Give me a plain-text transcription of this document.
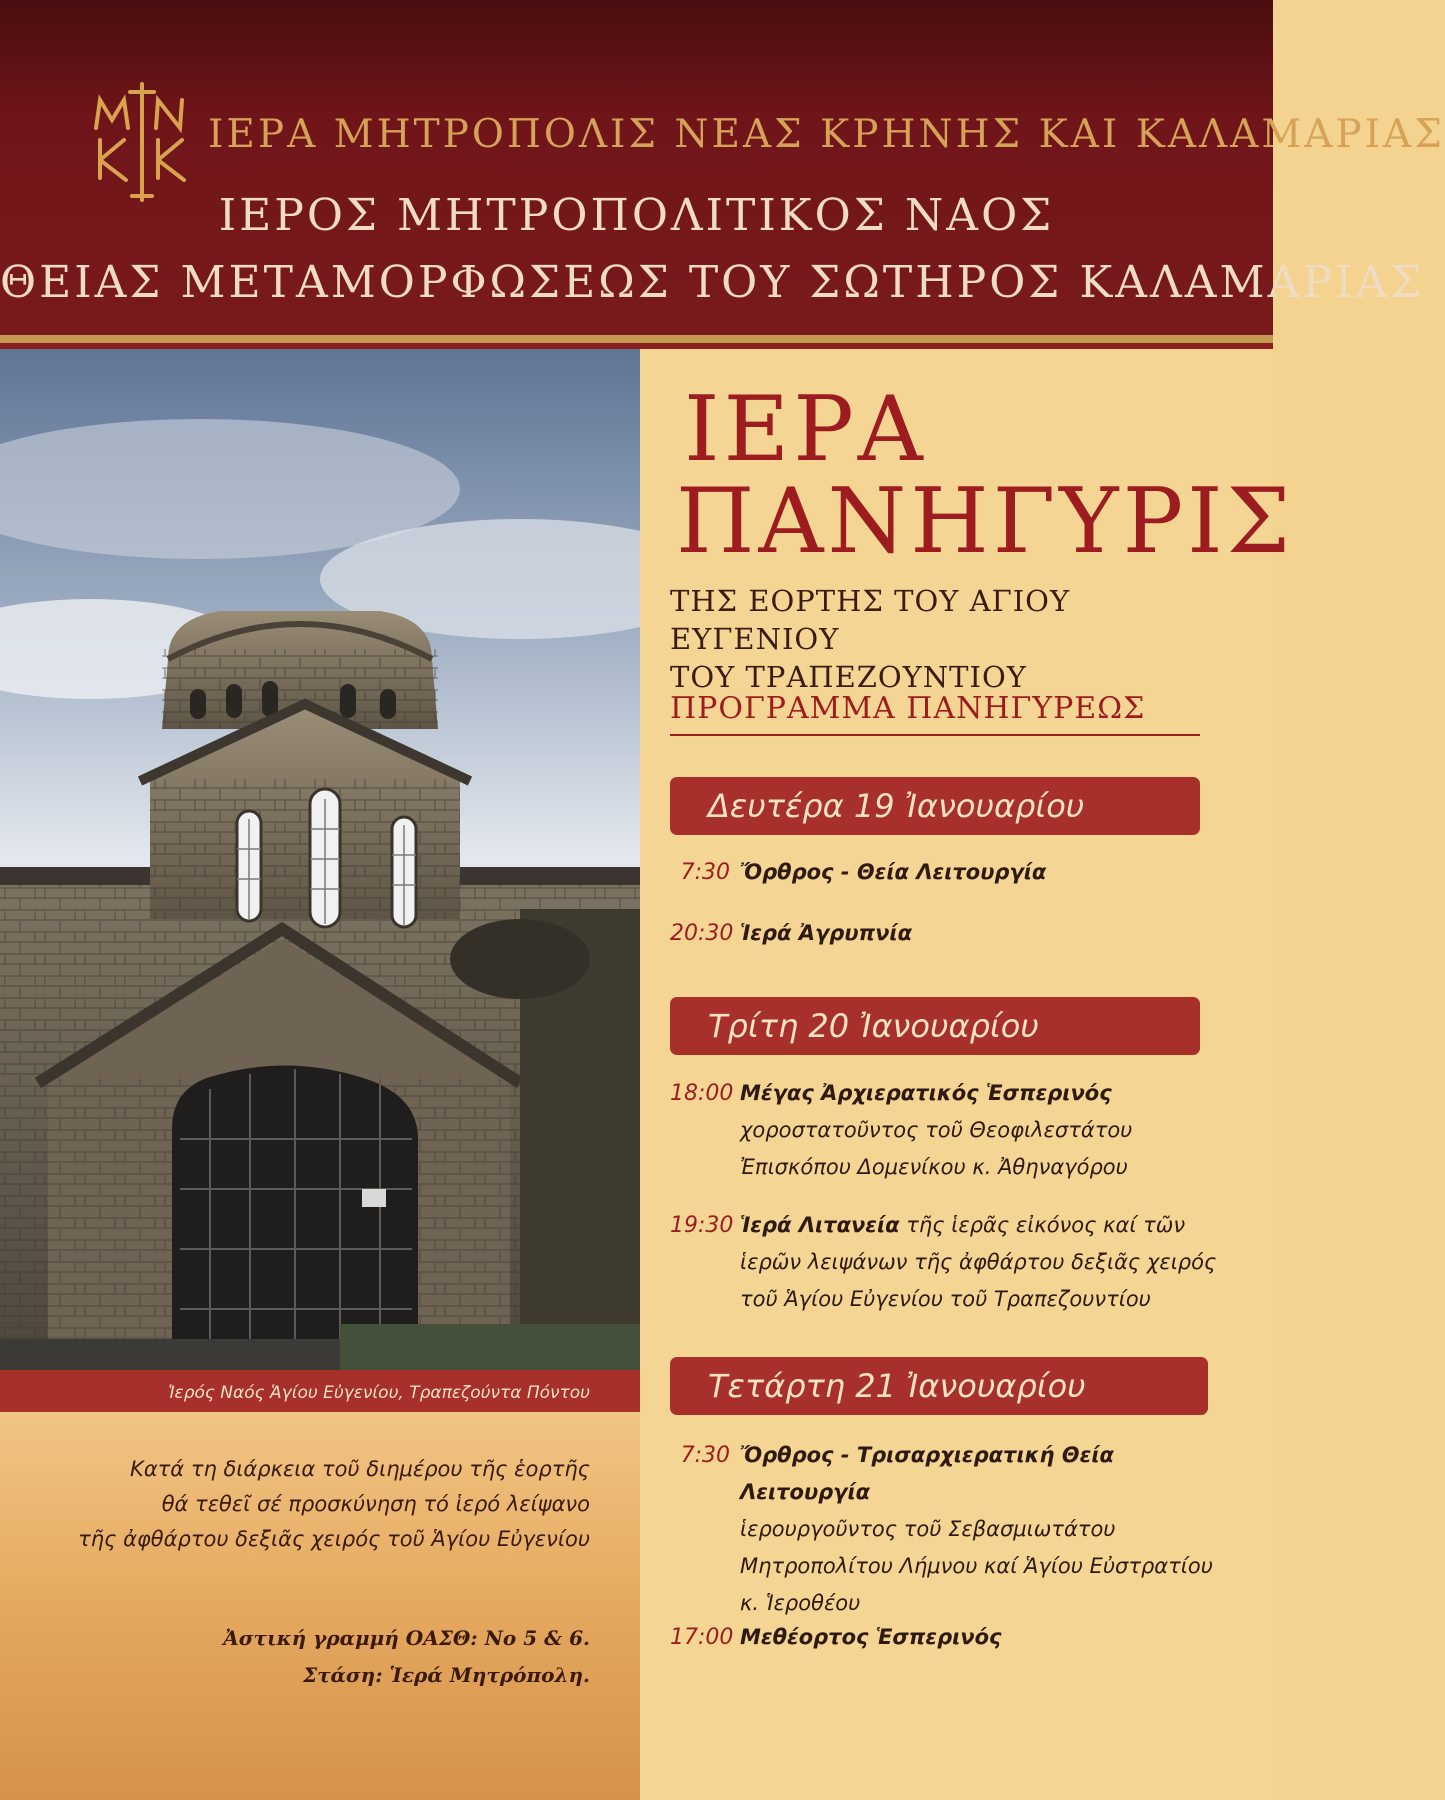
ΜΝΚΚ
ΙΕΡΑ ΜΗΤΡΟΠΟΛΙΣ ΝΕΑΣ ΚΡΗΝΗΣ ΚΑΙ ΚΑΛΑΜΑΡΙΑΣ
ΙΕΡΟΣ ΜΗΤΡΟΠΟΛΙΤΙΚΟΣ ΝΑΟΣ
ΘΕΙΑΣ ΜΕΤΑΜΟΡΦΩΣΕΩΣ ΤΟΥ ΣΩΤΗΡΟΣ ΚΑΛΑΜΑΡΙΑΣ
Ἱερός Ναός Ἁγίου Εὐγενίου, Τραπεζούντα Πόντου
Κατά τη διάρκεια τοῦ διημέρου τῆς ἑορτῆς
θά τεθεῖ σέ προσκύνηση τό ἱερό λείψανο
τῆς ἀφθάρτου δεξιᾶς χειρός τοῦ Ἁγίου Εὐγενίου
Ἀστική γραμμή ΟΑΣΘ: Νο 5 & 6.
Στάση: Ἱερά Μητρόπολη.
ΙΕΡΑ
ΠΑΝΗΓΥΡΙΣ
ΤΗΣ ΕΟΡΤΗΣ ΤΟΥ ΑΓΙΟΥ ΕΥΓΕΝΙΟΥ
ΤΟΥ ΤΡΑΠΕΖΟΥΝΤΙΟΥ
ΠΡΟΓΡΑΜΜΑ ΠΑΝΗΓΥΡΕΩΣ
Δευτέρα 19 Ἰανουαρίου
7:30 Ὄρθρος - Θεία Λειτουργία
20:30 Ἱερά Ἀγρυπνία
Τρίτη 20 Ἰανουαρίου
18:00 Μέγας Ἀρχιερατικός Ἑσπερινός
χοροστατοῦντος τοῦ Θεοφιλεστάτου
Ἐπισκόπου Δομενίκου κ. Ἀθηναγόρου
19:30 Ἱερά Λιτανεία τῆς ἱερᾶς εἰκόνος καί τῶν
ἱερῶν λειψάνων τῆς ἀφθάρτου δεξιᾶς χειρός
τοῦ Ἁγίου Εὐγενίου τοῦ Τραπεζουντίου
Τετάρτη 21 Ἰανουαρίου
7:30 Ὄρθρος - Τρισαρχιερατική Θεία Λειτουργία
ἱερουργοῦντος τοῦ Σεβασμιωτάτου
Μητροπολίτου Λήμνου καί Ἁγίου Εὐστρατίου
κ. Ἱεροθέου
17:00 Μεθέορτος Ἑσπερινός
